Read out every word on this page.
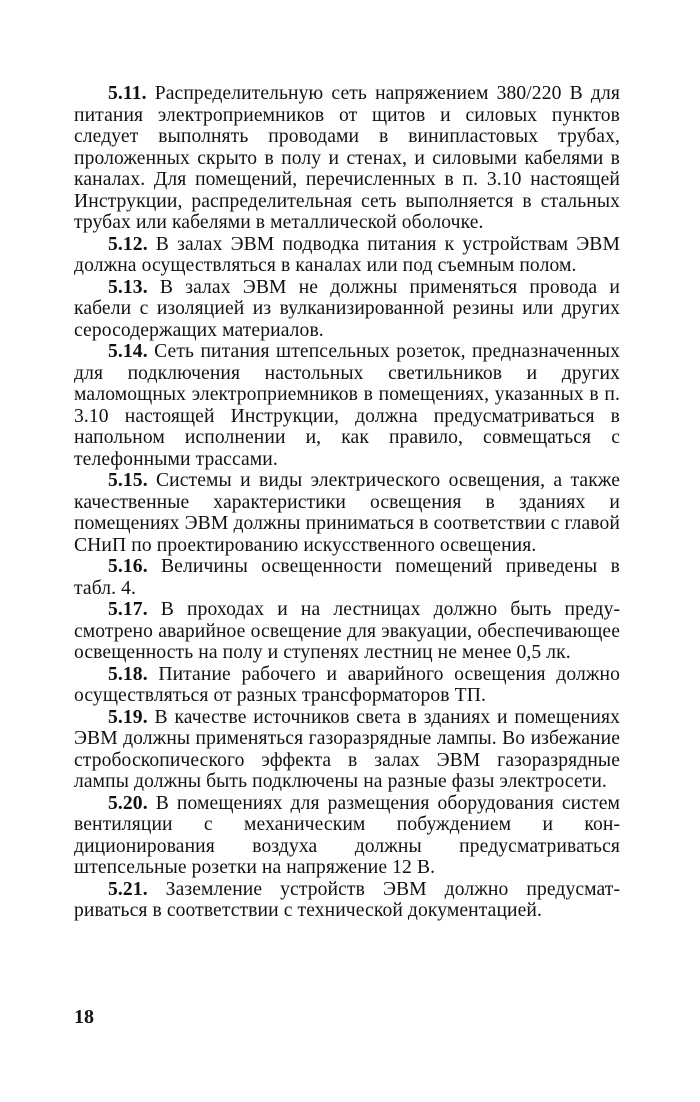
5.11. Распределительную сеть напряжением 380/220 В для питания электроприемников от щитов и силовых пунктов следует выполнять проводами в винипластовых трубах, проложенных скрыто в полу и стенах, и силовыми кабелями в каналах. Для помещений, перечисленных в п. 3.10 настоящей Инструкции, распределительная сеть выполняется в стальных трубах или кабелями в металлической оболочке.

5.12. В залах ЭВМ подводка питания к устройствам ЭВМ должна осуществляться в каналах или под съемным полом.

5.13. В залах ЭВМ не должны применяться провода и кабели с изоляцией из вулканизированной резины или других серосодержащих материалов.

5.14. Сеть питания штепсельных розеток, предназначенных для подключения настольных светильников и других маломощных электроприемников в помещениях, указанных в п. 3.10 настоящей Инструкции, должна предусматриваться в напольном исполнении и, как правило, совмещаться с телефонными трассами.

5.15. Системы и виды электрического освещения, а также качественные характеристики освещения в зданиях и помещениях ЭВМ должны приниматься в соответствии с главой СНиП по проектированию искусственного освещения.

5.16. Величины освещенности помещений приведены в табл. 4.

5.17. В проходах и на лестницах должно быть предусмотрено аварийное освещение для эвакуации, обеспечивающее освещенность на полу и ступенях лестниц не менее 0,5 лк.

5.18. Питание рабочего и аварийного освещения должно осуществляться от разных трансформаторов ТП.

5.19. В качестве источников света в зданиях и помещениях ЭВМ должны применяться газоразрядные лампы. Во избежание стробоскопического эффекта в залах ЭВМ газоразрядные лампы должны быть подключены на разные фазы электросети.

5.20. В помещениях для размещения оборудования систем вентиляции с механическим побуждением и кондиционирования воздуха должны предусматриваться штепсельные розетки на напряжение 12 В.

5.21. Заземление устройств ЭВМ должно предусматриваться в соответствии с технической документацией.

18
